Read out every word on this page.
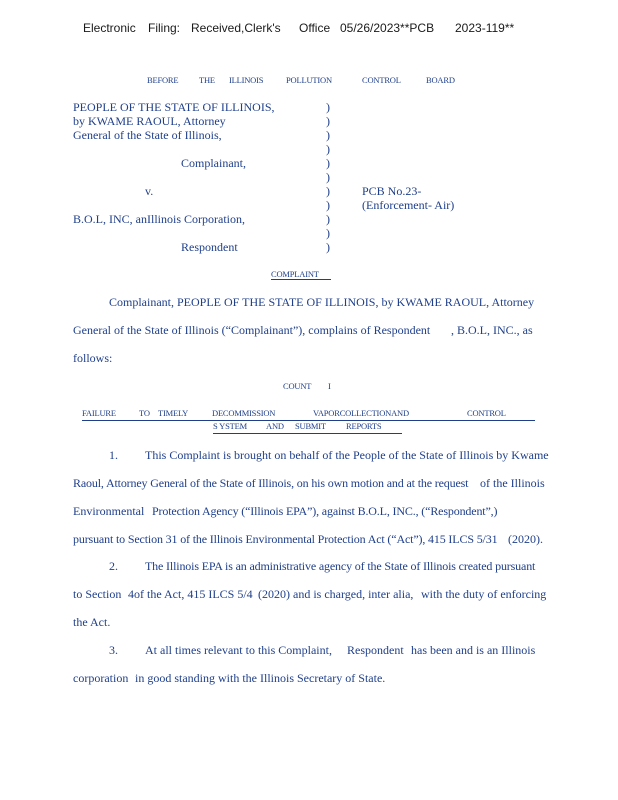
Electronic Filing: Received,Clerk's Office 05/26/2023**PCB 2023-119**
BEFORE THE ILLINOIS	POLLUTION	CONTROL	BOARD
PEOPLE OF THE STATE OF ILLINOIS,
by KWAME RAOUL, Attorney
General of the State of Illinois,
Complainant,
v.
B.O.L, INC, anIllinois Corporation,
Respondent
PCB No.23-
(Enforcement- Air)
)
)
)
)
)
)
)
)
)
)
)
COMPLAINT
Complainant, PEOPLE OF THE STATE OF ILLINOIS, by KWAME RAOUL, Attorney
General of the State of Illinois (“Complainant”), complains of Respondent , B.O.L, INC., as
follows:
COUNT I
FAILURE	TO TIMELY	DECOMMISSION	VAPORCOLLECTIONAND	CONTROL
S YSTEM AND SUBMIT REPORTS
1. This Complaint is brought on behalf of the People of the State of Illinois by Kwame
Raoul, Attorney General of the State of Illinois, on his own motion and at the request of the Illinois
Environmental Protection Agency (“Illinois EPA”), against B.O.L, INC., (“Respondent”,)
pursuant to Section 31 of the Illinois Environmental Protection Act (“Act”), 415 ILCS 5/31 (2020).
2. The Illinois EPA is an administrative agency of the State of Illinois created pursuant
to Section 4 of the Act, 415 ILCS 5/4 (2020) and is charged, inter alia, with the duty of enforcing
the Act.
3. At all times relevant to this Complaint, Respondent has been and is an Illinois
corporation in good standing with the Illinois Secretary of State.
